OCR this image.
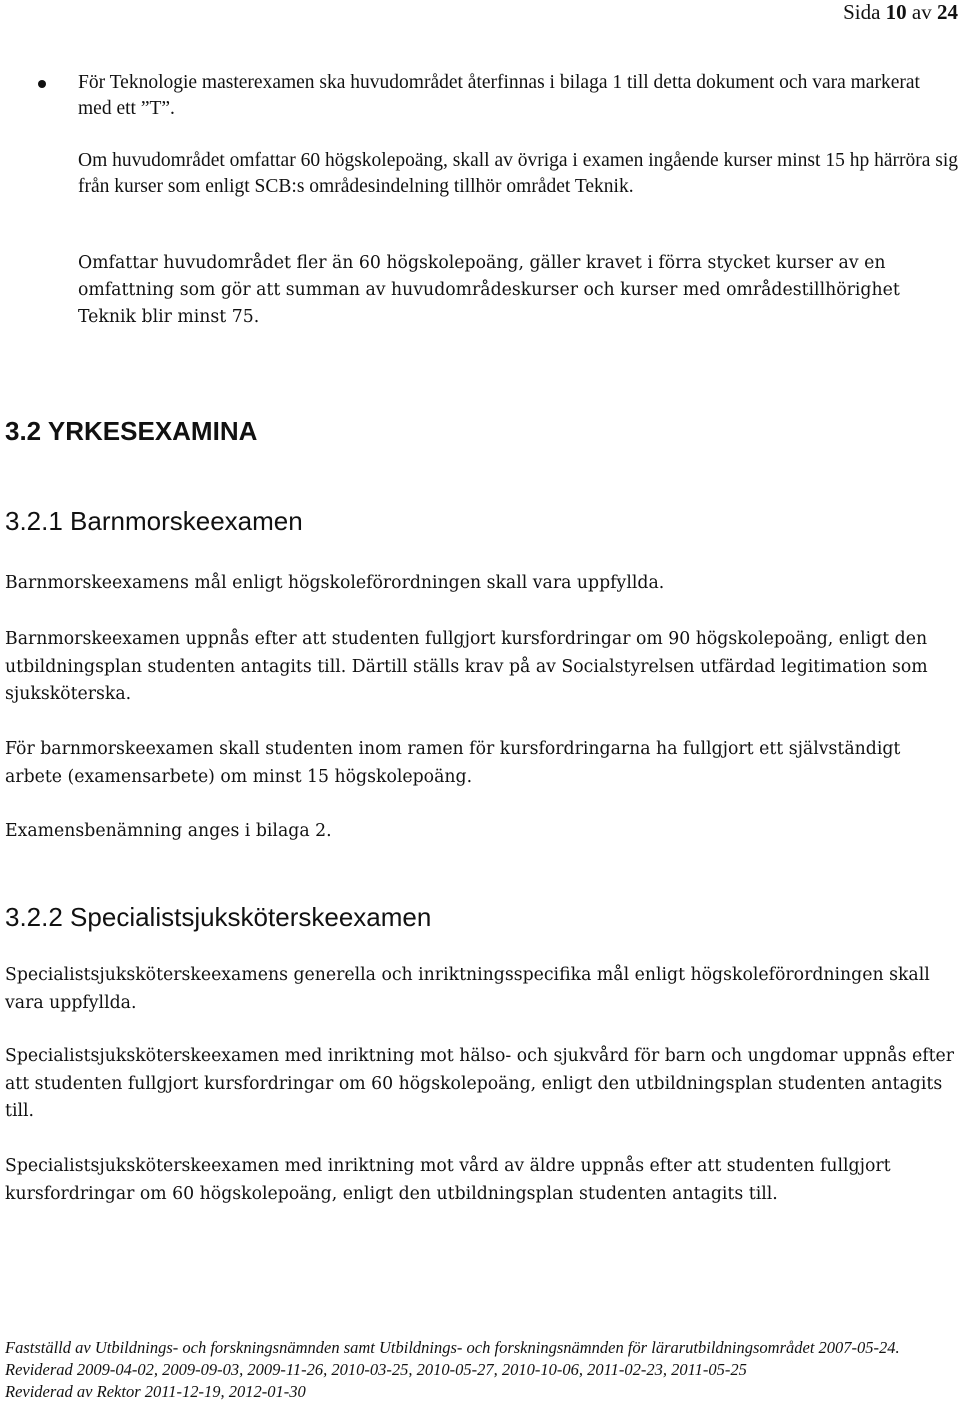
Sida 10 av 24

För Teknologie masterexamen ska huvudområdet återfinnas i bilaga 1 till detta dokument och vara markerat med ett ”T”.

Om huvudområdet omfattar 60 högskolepoäng, skall av övriga i examen ingående kurser minst 15 hp härröra sig från kurser som enligt SCB:s områdesindelning tillhör området Teknik.

Omfattar huvudområdet fler än 60 högskolepoäng, gäller kravet i förra stycket kurser av en omfattning som gör att summan av huvudområdeskurser och kurser med områdestillhörighet Teknik blir minst 75.

3.2 YRKESEXAMINA
3.2.1 Barnmorskeexamen

Barnmorskeexamens mål enligt högskoleförordningen skall vara uppfyllda.

Barnmorskeexamen uppnås efter att studenten fullgjort kursfordringar om 90 högskolepoäng, enligt den utbildningsplan studenten antagits till. Därtill ställs krav på av Socialstyrelsen utfärdad legitimation som sjuksköterska.

För barnmorskeexamen skall studenten inom ramen för kursfordringarna ha fullgjort ett självständigt arbete (examensarbete) om minst 15 högskolepoäng.

Examensbenämning anges i bilaga 2.

3.2.2 Specialistsjuksköterskeexamen

Specialistsjuksköterskeexamens generella och inriktningsspecifika mål enligt högskoleförordningen skall vara uppfyllda.

Specialistsjuksköterskeexamen med inriktning mot hälso- och sjukvård för barn och ungdomar uppnås efter att studenten fullgjort kursfordringar om 60 högskolepoäng, enligt den utbildningsplan studenten antagits till.

Specialistsjuksköterskeexamen med inriktning mot vård av äldre uppnås efter att studenten fullgjort kursfordringar om 60 högskolepoäng, enligt den utbildningsplan studenten antagits till.

Fastställd av Utbildnings- och forskningsnämnden samt Utbildnings- och forskningsnämnden för lärarutbildningsområdet 2007-05-24.

Reviderad 2009-04-02, 2009-09-03, 2009-11-26, 2010-03-25, 2010-05-27, 2010-10-06, 2011-02-23, 2011-05-25

Reviderad av Rektor 2011-12-19, 2012-01-30
